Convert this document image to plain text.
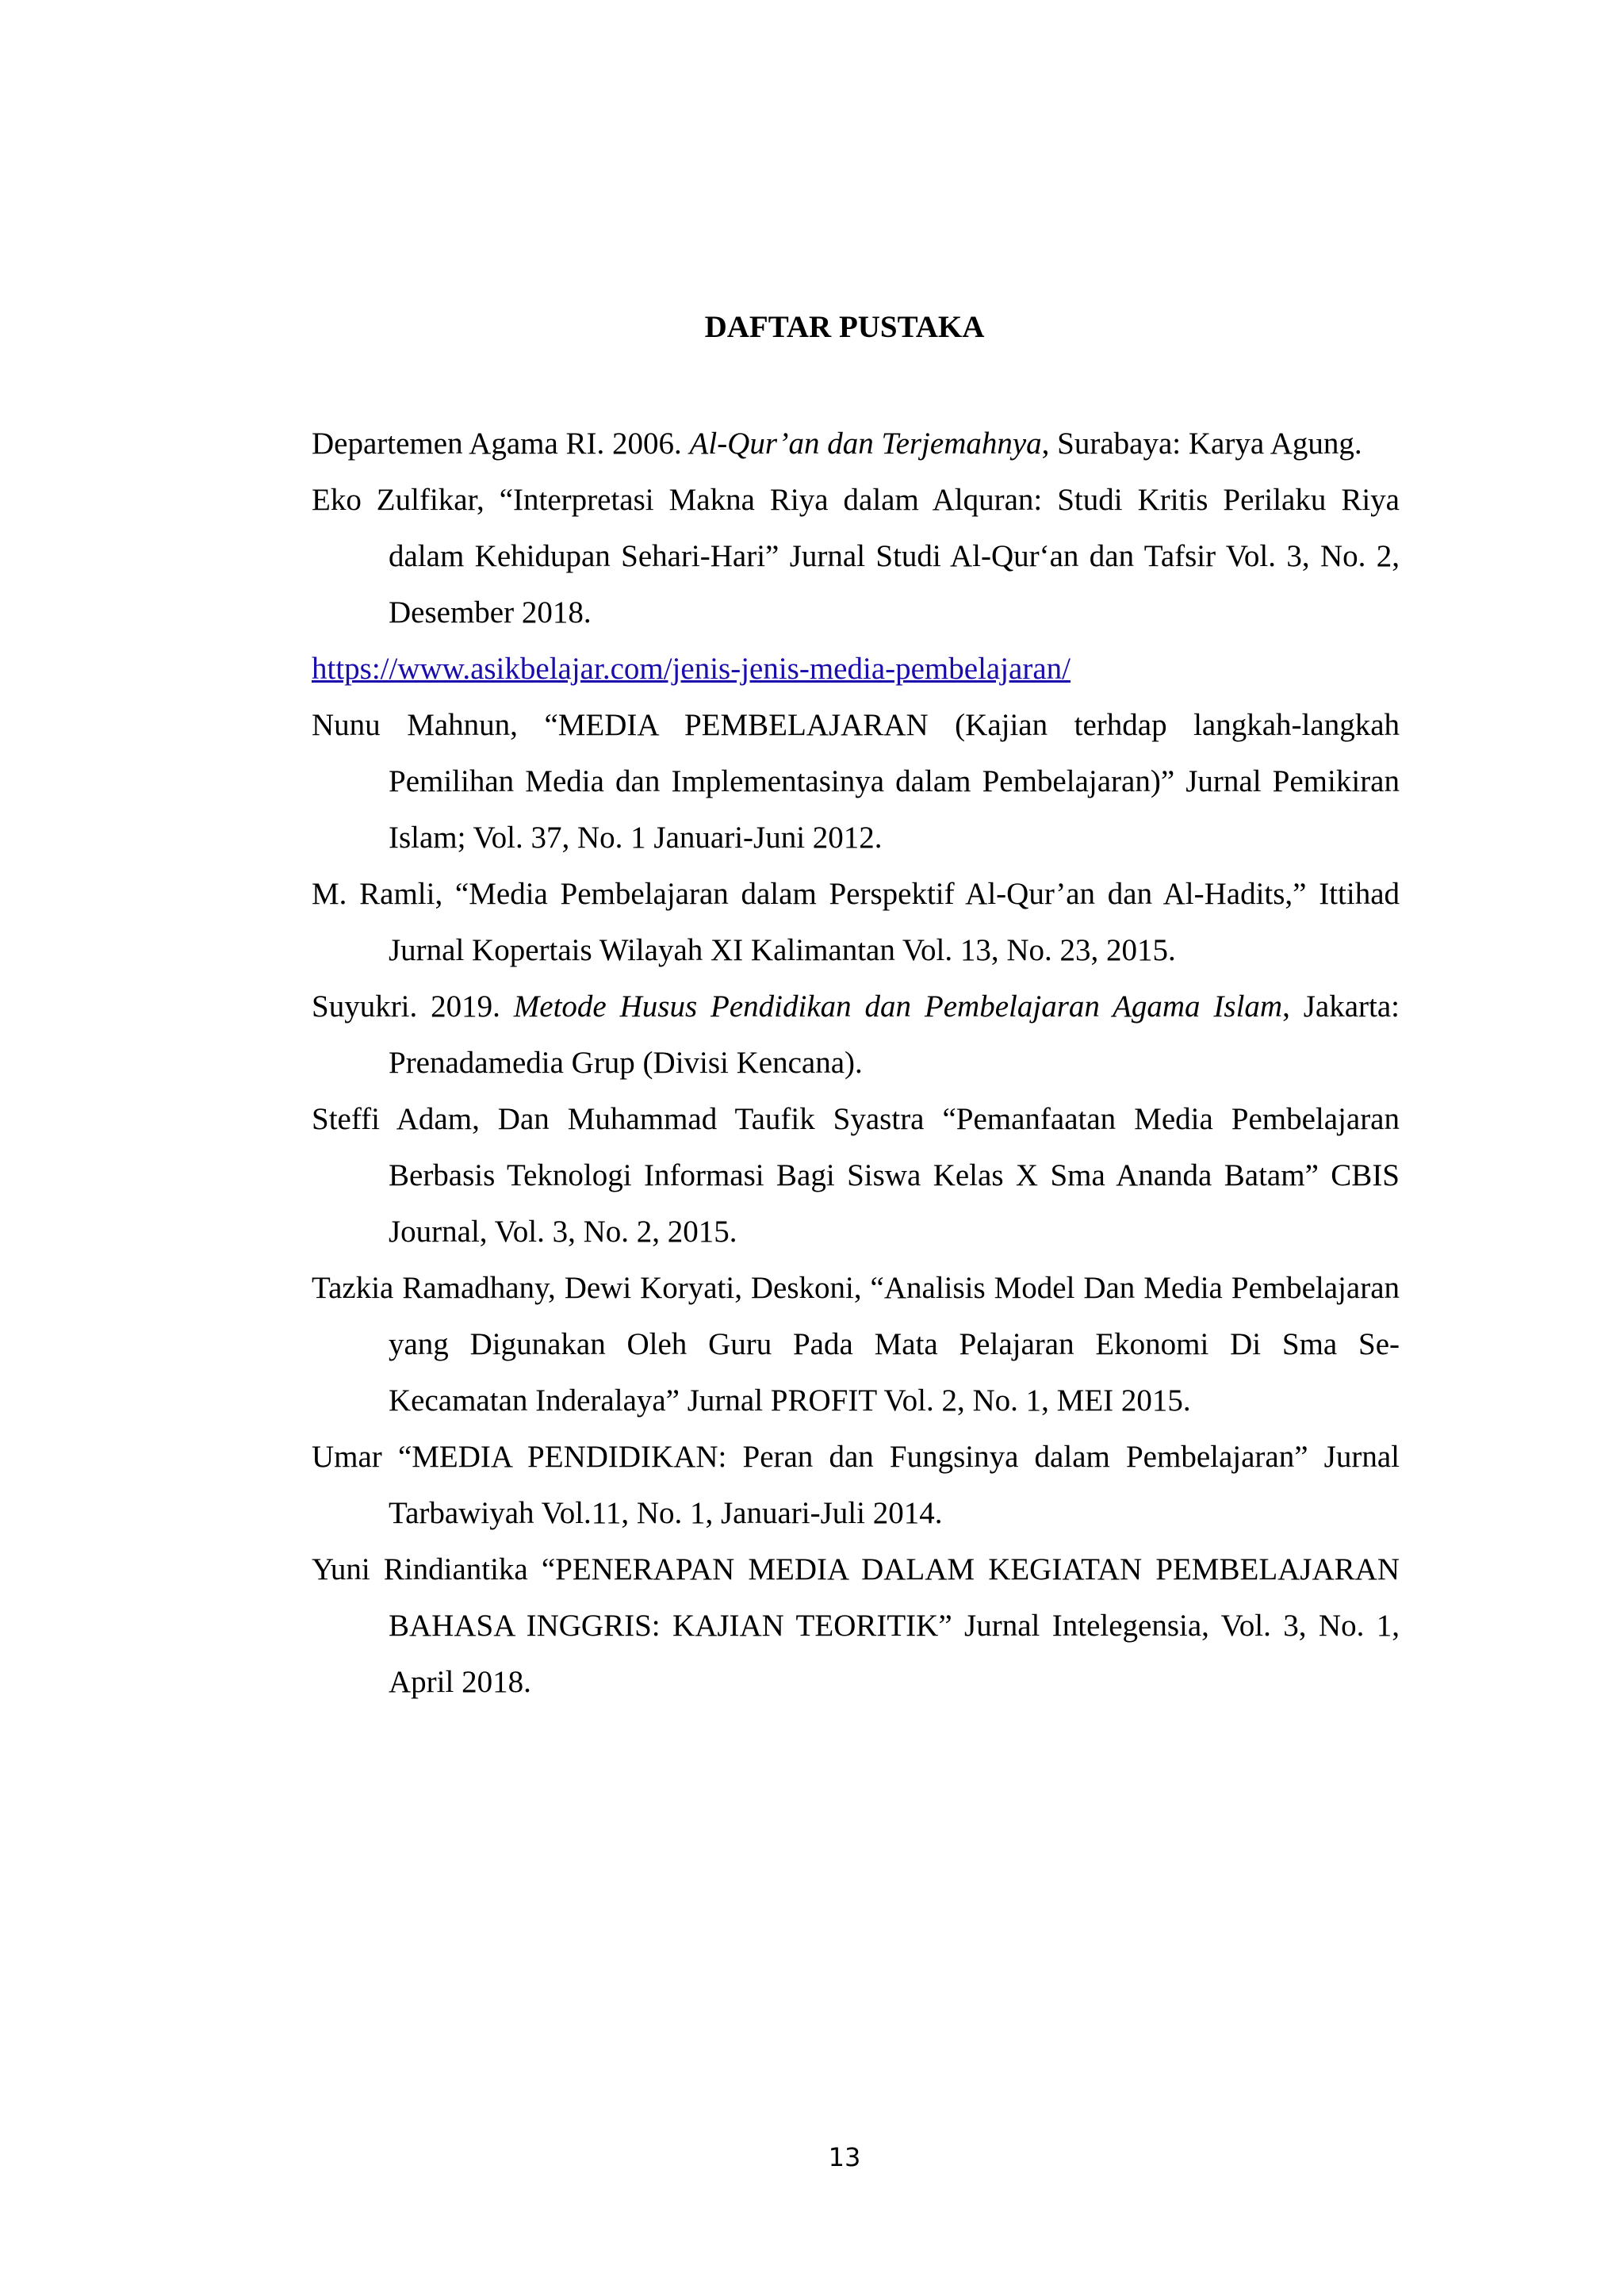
DAFTAR PUSTAKA
Departemen Agama RI. 2006. Al-Qur’an dan Terjemahnya, Surabaya: Karya Agung.
Eko Zulfikar, “Interpretasi Makna Riya dalam Alquran: Studi Kritis Perilaku Riya dalam Kehidupan Sehari-Hari” Jurnal Studi Al-Qur‘an dan Tafsir Vol. 3, No. 2, Desember 2018.
https://www.asikbelajar.com/jenis-jenis-media-pembelajaran/
Nunu Mahnun, “MEDIA PEMBELAJARAN (Kajian terhdap langkah-langkah Pemilihan Media dan Implementasinya dalam Pembelajaran)” Jurnal Pemikiran Islam; Vol. 37, No. 1 Januari-Juni 2012.
M. Ramli, “Media Pembelajaran dalam Perspektif Al-Qur’an dan Al-Hadits,” Ittihad Jurnal Kopertais Wilayah XI Kalimantan Vol. 13, No. 23, 2015.
Suyukri. 2019. Metode Husus Pendidikan dan Pembelajaran Agama Islam, Jakarta: Prenadamedia Grup (Divisi Kencana).
Steffi Adam, Dan Muhammad Taufik Syastra “Pemanfaatan Media Pembelajaran Berbasis Teknologi Informasi Bagi Siswa Kelas X Sma Ananda Batam” CBIS Journal, Vol. 3, No. 2, 2015.
Tazkia Ramadhany, Dewi Koryati, Deskoni, “Analisis Model Dan Media Pembelajaran yang Digunakan Oleh Guru Pada Mata Pelajaran Ekonomi Di Sma Se-Kecamatan Inderalaya” Jurnal PROFIT Vol. 2, No. 1, MEI 2015.
Umar “MEDIA PENDIDIKAN: Peran dan Fungsinya dalam Pembelajaran” Jurnal Tarbawiyah Vol.11, No. 1, Januari-Juli 2014.
Yuni Rindiantika “PENERAPAN MEDIA DALAM KEGIATAN PEMBELAJARAN BAHASA INGGRIS: KAJIAN TEORITIK” Jurnal Intelegensia, Vol. 3, No. 1, April 2018.
13
